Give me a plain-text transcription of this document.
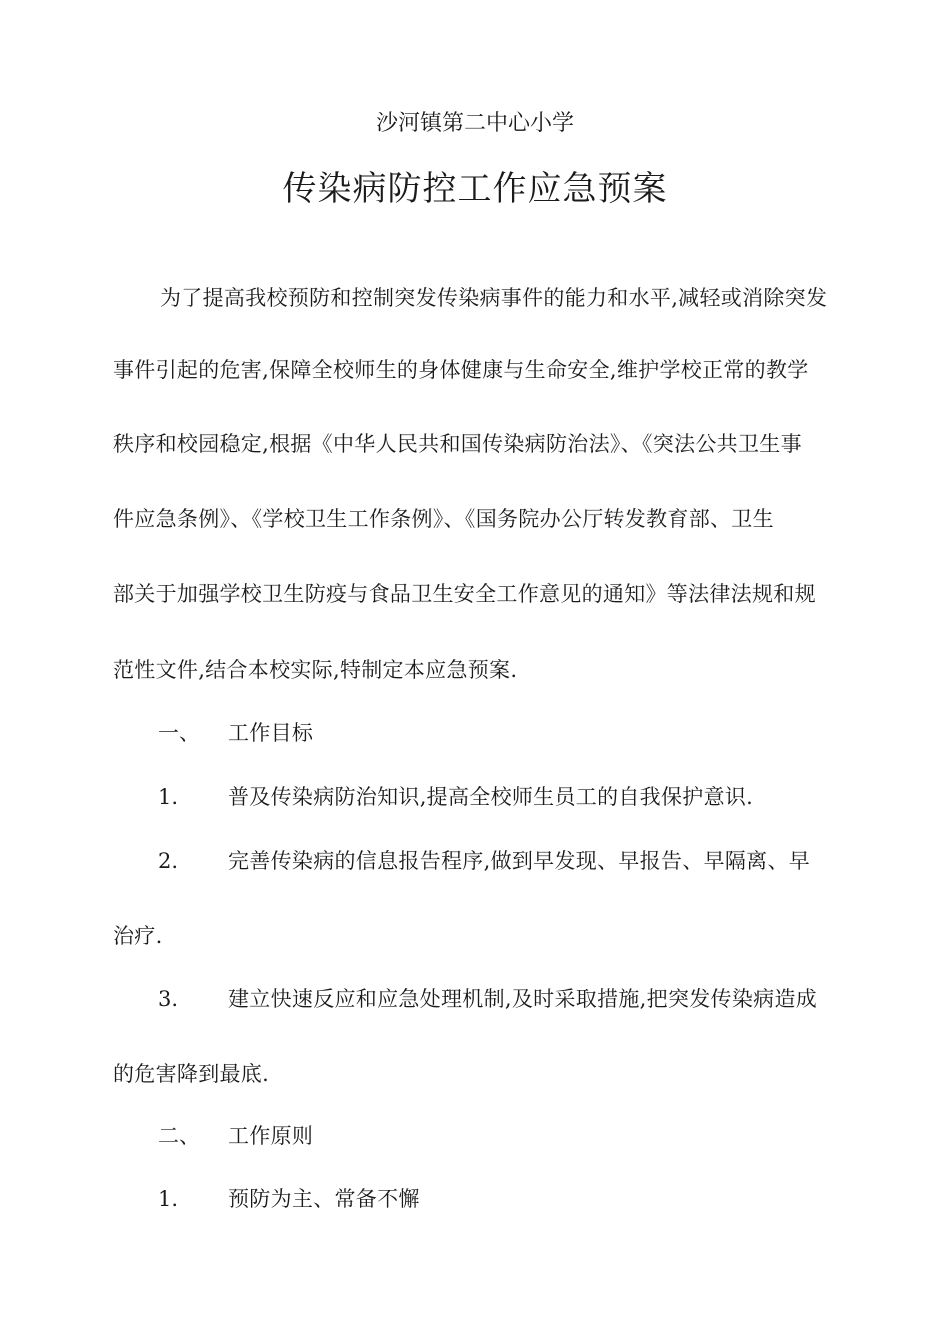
沙河镇第二中心小学
传染病防控工作应急预案
为了提高我校预防和控制突发传染病事件的能力和水平,减轻或消除突发
事件引起的危害,保障全校师生的身体健康与生命安全,维护学校正常的教学
秩序和校园稳定,根据《中华人民共和国传染病防治法》、《突法公共卫生事
件应急条例》、《学校卫生工作条例》、《国务院办公厅转发教育部、卫生
部关于加强学校卫生防疫与食品卫生安全工作意见的通知》等法律法规和规
范性文件,结合本校实际,特制定本应急预案.
一、	工作目标
1.	普及传染病防治知识,提高全校师生员工的自我保护意识.
2.	完善传染病的信息报告程序,做到早发现、早报告、早隔离、早
治疗.
3.	建立快速反应和应急处理机制,及时采取措施,把突发传染病造成
的危害降到最底.
二、	工作原则
1.	预防为主、常备不懈
